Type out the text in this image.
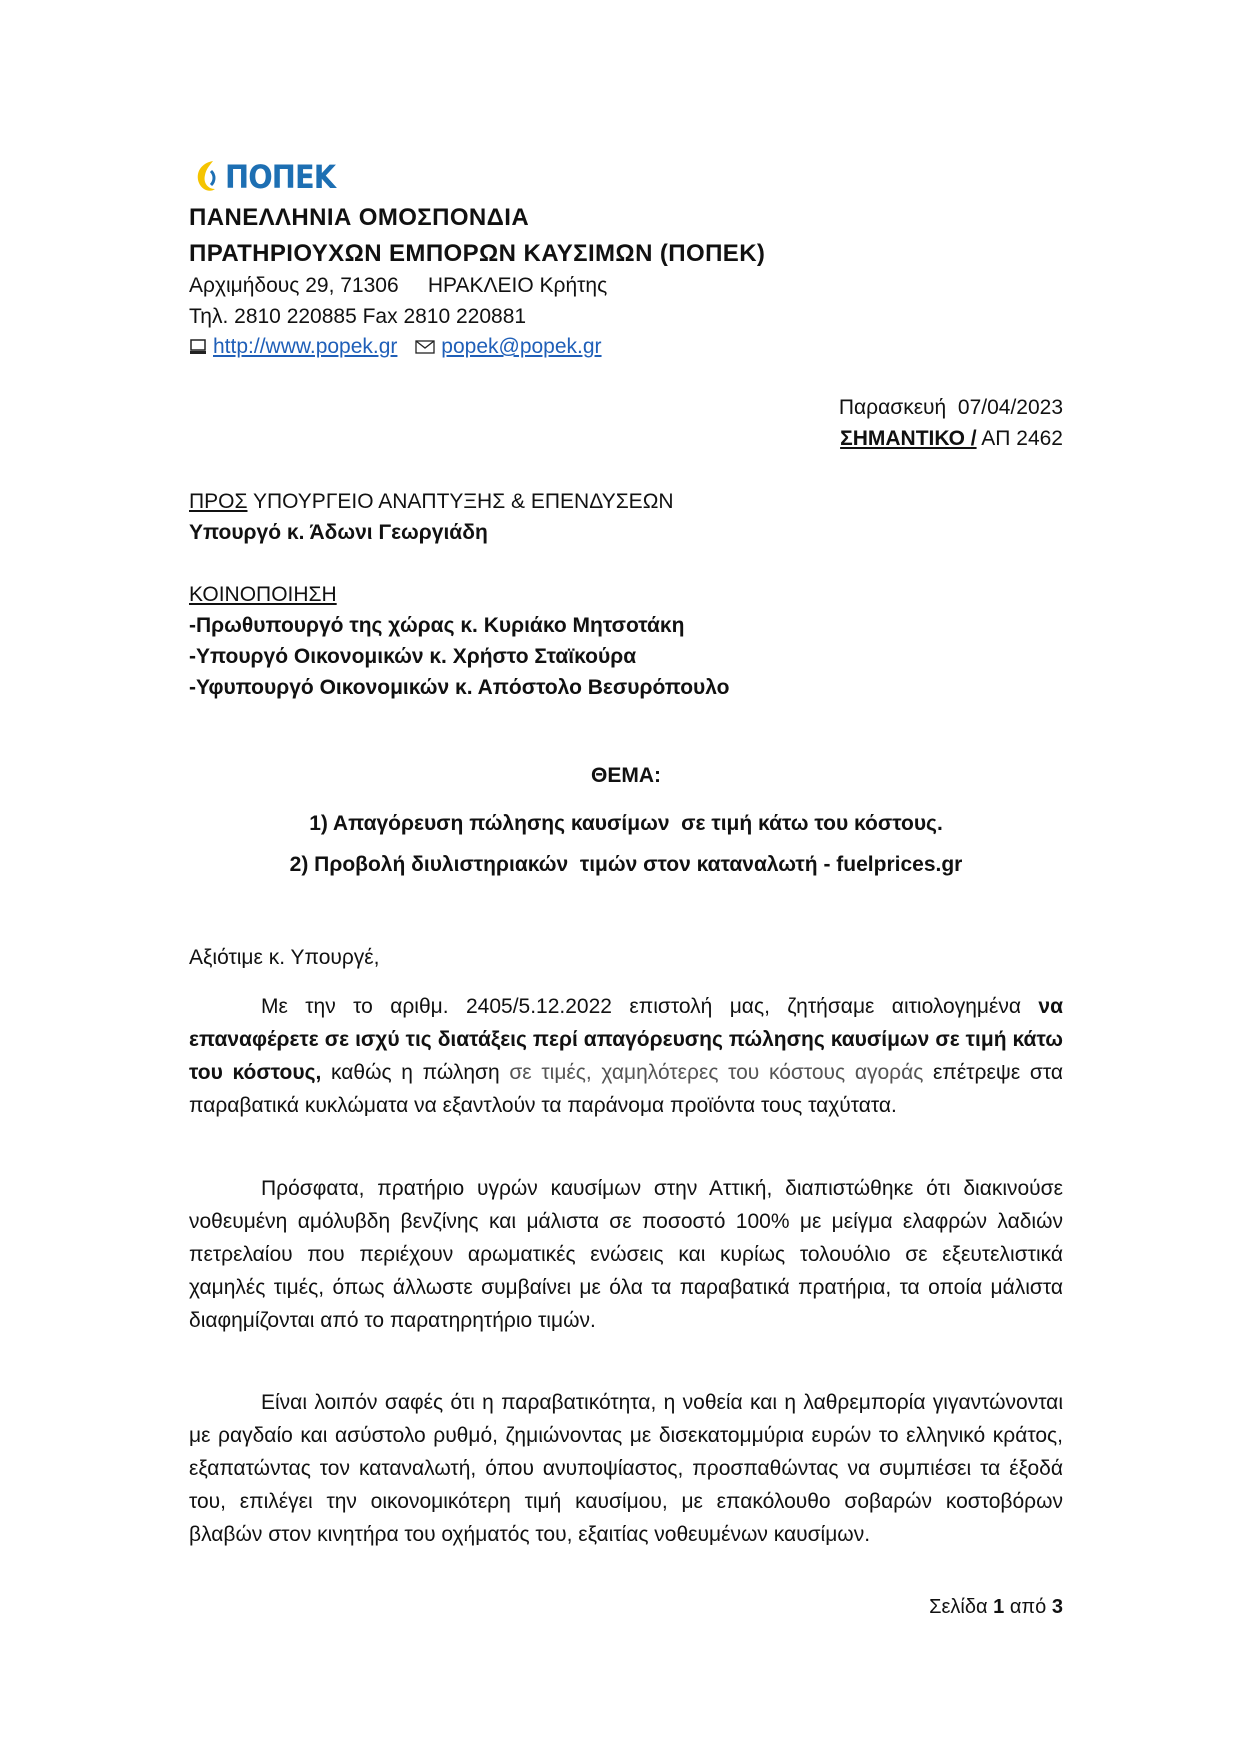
ΠΟΠΕΚ
ΠΑΝΕΛΛΗΝΙΑ ΟΜΟΣΠΟΝΔΙΑ
ΠΡΑΤΗΡΙΟΥΧΩΝ ΕΜΠΟΡΩΝ ΚΑΥΣΙΜΩΝ (ΠΟΠΕΚ)
Αρχιμήδους 29, 71306     ΗΡΑΚΛΕΙΟ Κρήτης
Τηλ. 2810 220885 Fax 2810 220881
http://www.popek.gr popek@popek.gr
Παρασκευή  07/04/2023
ΣΗΜΑΝΤΙΚΟ / ΑΠ 2462
ΠΡΟΣ ΥΠΟΥΡΓΕΙΟ ΑΝΑΠΤΥΞΗΣ & ΕΠΕΝΔΥΣΕΩΝ
Υπουργό κ. Άδωνι Γεωργιάδη
ΚΟΙΝΟΠΟΙΗΣΗ
-Πρωθυπουργό της χώρας κ. Κυριάκο Μητσοτάκη
-Υπουργό Οικονομικών κ. Χρήστο Σταϊκούρα
-Υφυπουργό Οικονομικών κ. Απόστολο Βεσυρόπουλο
ΘΕΜΑ:
1) Απαγόρευση πώλησης καυσίμων  σε τιμή κάτω του κόστους.
2) Προβολή διυλιστηριακών  τιμών στον καταναλωτή - fuelprices.gr
Αξιότιμε κ. Υπουργέ,

Με την το αριθμ. 2405/5.12.2022 επιστολή μας, ζητήσαμε αιτιολογημένα να επαναφέρετε σε ισχύ τις διατάξεις περί απαγόρευσης πώλησης καυσίμων σε τιμή κάτω του κόστους, καθώς η πώληση σε τιμές, χαμηλότερες του κόστους αγοράς επέτρεψε στα παραβατικά κυκλώματα να εξαντλούν τα παράνομα προϊόντα τους ταχύτατα.

Πρόσφατα, πρατήριο υγρών καυσίμων στην Αττική, διαπιστώθηκε ότι διακινούσε νοθευμένη αμόλυβδη βενζίνης και μάλιστα σε ποσοστό 100% με μείγμα ελαφρών λαδιών πετρελαίου που περιέχουν αρωματικές ενώσεις και κυρίως τολουόλιο σε εξευτελιστικά χαμηλές τιμές, όπως άλλωστε συμβαίνει με όλα τα παραβατικά πρατήρια, τα οποία μάλιστα διαφημίζονται από το παρατηρητήριο τιμών.

Είναι λοιπόν σαφές ότι η παραβατικότητα, η νοθεία και η λαθρεμπορία γιγαντώνονται με ραγδαίο και ασύστολο ρυθμό, ζημιώνοντας με δισεκατομμύρια ευρών το ελληνικό κράτος, εξαπατώντας τον καταναλωτή, όπου ανυποψίαστος, προσπαθώντας να συμπιέσει τα έξοδά του, επιλέγει την οικονομικότερη τιμή καυσίμου, με επακόλουθο σοβαρών κοστοβόρων βλαβών στον κινητήρα του οχήματός του, εξαιτίας νοθευμένων καυσίμων.

Σελίδα 1 από 3
